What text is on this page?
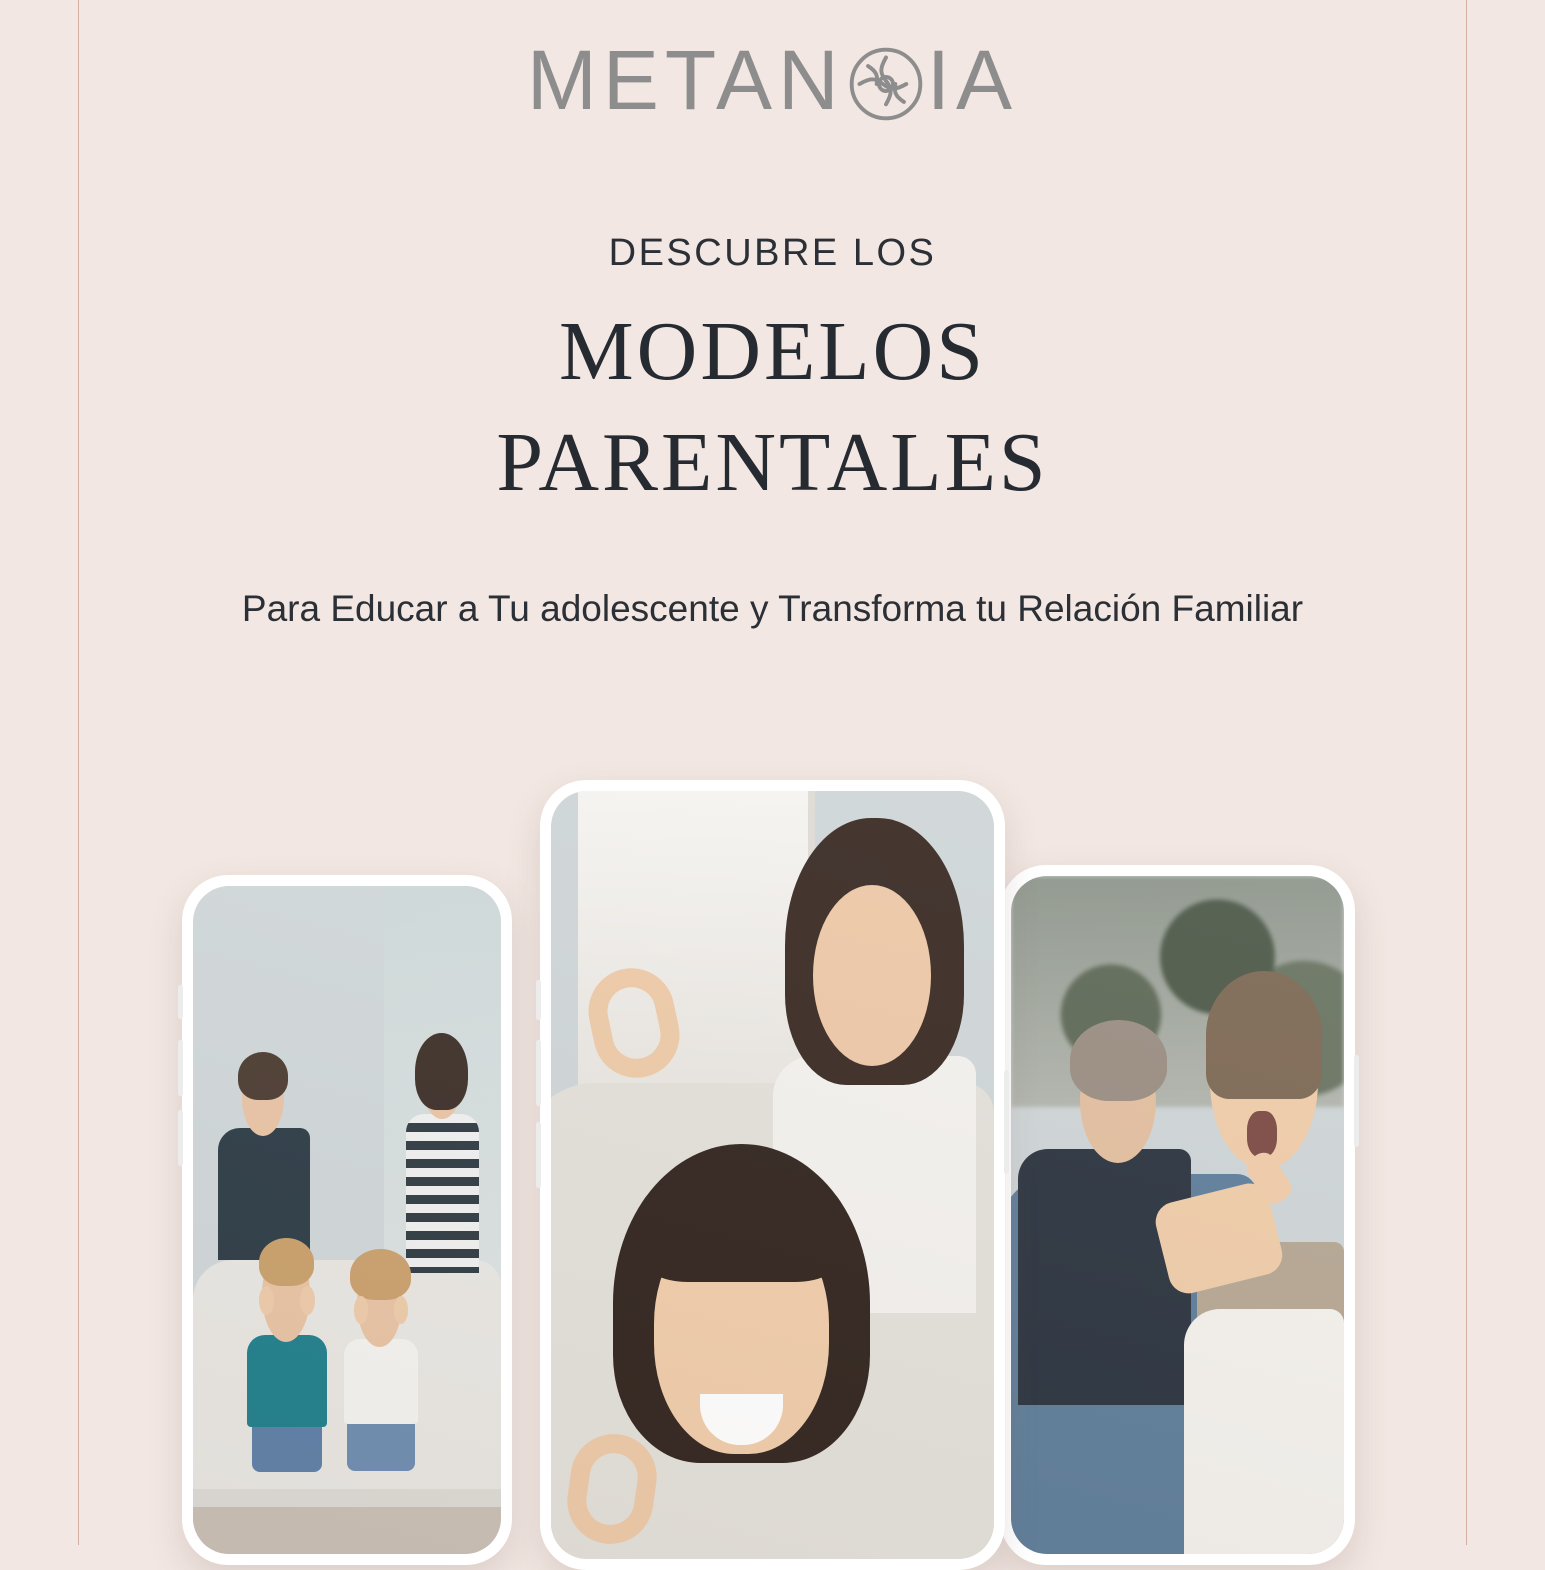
METAN IA
DESCUBRE LOS
MODELOS
PARENTALES
Para Educar a Tu adolescente y Transforma tu Relación Familiar
